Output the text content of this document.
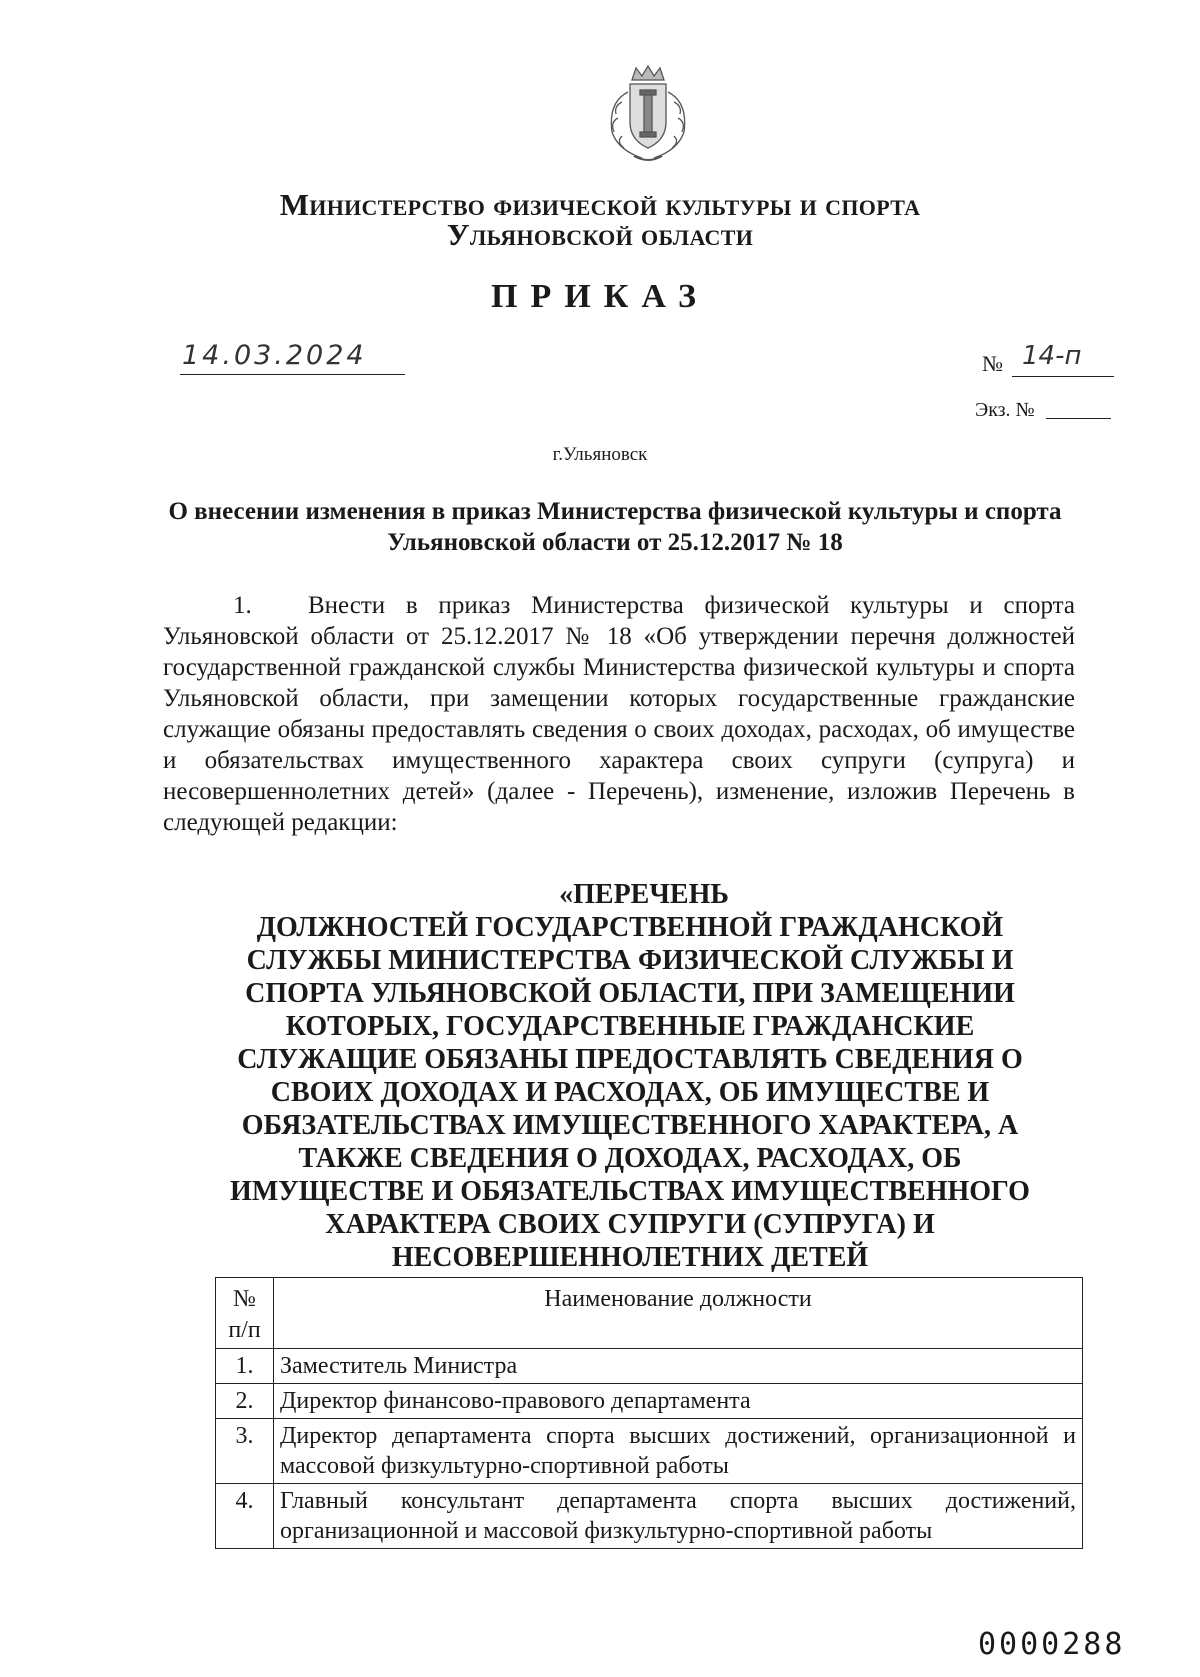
Министерство физической культуры и спорта
Ульяновской области
ПРИКАЗ
14.03.2024	№ 14-п
Экз. №
г.Ульяновск
О внесении изменения в приказ Министерства физической культуры и спорта Ульяновской области от 25.12.2017 № 18
1. Внести в приказ Министерства физической культуры и спорта Ульяновской области от 25.12.2017 № 18 «Об утверждении перечня должностей государственной гражданской службы Министерства физической культуры и спорта Ульяновской области, при замещении которых государственные гражданские служащие обязаны предоставлять сведения о своих доходах, расходах, об имуществе и обязательствах имущественного характера своих супруги (супруга) и несовершеннолетних детей» (далее - Перечень), изменение, изложив Перечень в следующей редакции:
«ПЕРЕЧЕНЬ
ДОЛЖНОСТЕЙ ГОСУДАРСТВЕННОЙ ГРАЖДАНСКОЙ СЛУЖБЫ МИНИСТЕРСТВА ФИЗИЧЕСКОЙ СЛУЖБЫ И СПОРТА УЛЬЯНОВСКОЙ ОБЛАСТИ, ПРИ ЗАМЕЩЕНИИ КОТОРЫХ, ГОСУДАРСТВЕННЫЕ ГРАЖДАНСКИЕ СЛУЖАЩИЕ ОБЯЗАНЫ ПРЕДОСТАВЛЯТЬ СВЕДЕНИЯ О СВОИХ ДОХОДАХ И РАСХОДАХ, ОБ ИМУЩЕСТВЕ И ОБЯЗАТЕЛЬСТВАХ ИМУЩЕСТВЕННОГО ХАРАКТЕРА, А ТАКЖЕ СВЕДЕНИЯ О ДОХОДАХ, РАСХОДАХ, ОБ ИМУЩЕСТВЕ И ОБЯЗАТЕЛЬСТВАХ ИМУЩЕСТВЕННОГО ХАРАКТЕРА СВОИХ СУПРУГИ (СУПРУГА) И НЕСОВЕРШЕННОЛЕТНИХ ДЕТЕЙ
№
п/п	Наименование должности
1.	Заместитель Министра
2.	Директор финансово-правового департамента
3.	Директор департамента спорта высших достижений, организационной и массовой физкультурно-спортивной работы
4.	Главный консультант департамента спорта высших достижений, организационной и массовой физкультурно-спортивной работы
0000288
